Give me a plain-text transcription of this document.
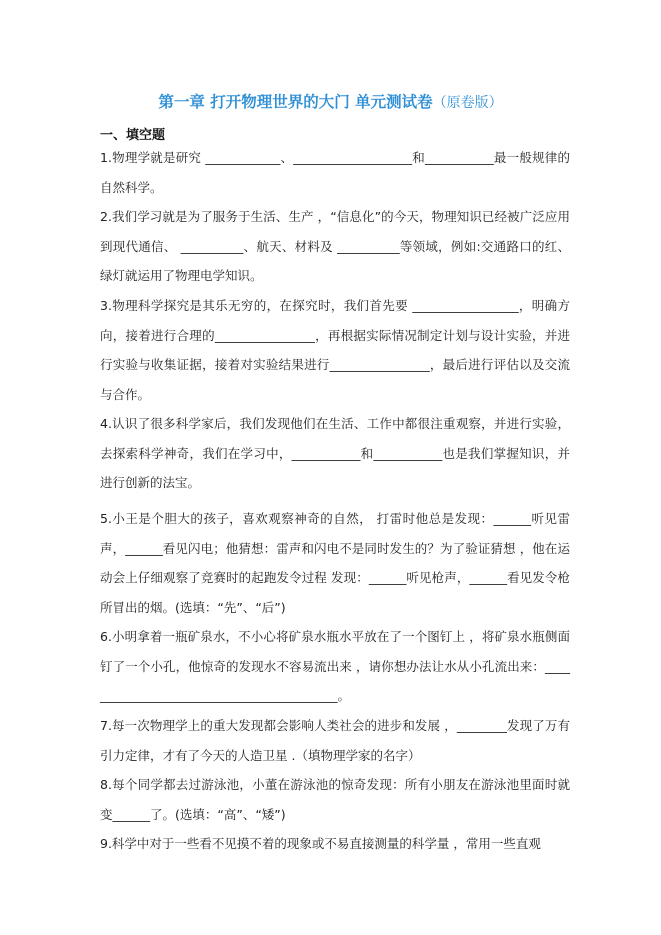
第一章 打开物理世界的大门 单元测试卷（原卷版）
一、填空题
1.物理学就是研究 ____________、___________________和___________最一般规律的自然科学。
2.我们学习就是为了服务于生活、生产 ，“信息化”的今天，物理知识已经被广泛应用到现代通信、 __________、航天、材料及 __________等领域，例如:交通路口的红、绿灯就运用了物理电学知识。
3.物理科学探究是其乐无穷的，在探究时，我们首先要 _________________，明确方向，接着进行合理的________________，再根据实际情况制定计划与设计实验，并进行实验与收集证据，接着对实验结果进行________________，最后进行评估以及交流与合作。
4.认识了很多科学家后，我们发现他们在生活、工作中都很注重观察，并进行实验，去探索科学神奇，我们在学习中，___________和___________也是我们掌握知识，并进行创新的法宝。
5.小王是个胆大的孩子，喜欢观察神奇的自然， 打雷时他总是发现：______听见雷声，______看见闪电；他猜想：雷声和闪电不是同时发生的？为了验证猜想 ，他在运动会上仔细观察了竞赛时的起跑发令过程 发现：______听见枪声，______看见发令枪所冒出的烟。(选填：“先”、“后”)
6.小明拿着一瓶矿泉水，不小心将矿泉水瓶水平放在了一个图钉上 ，将矿泉水瓶侧面钉了一个小孔，他惊奇的发现水不容易流出来 ，请你想办法让水从小孔流出来：__________________________________________。
7.每一次物理学上的重大发现都会影响人类社会的进步和发展 ，________发现了万有引力定律，才有了今天的人造卫星 .（填物理学家的名字）
8.每个同学都去过游泳池，小董在游泳池的惊奇发现：所有小朋友在游泳池里面时就变______了。(选填：“高”、“矮”)
9.科学中对于一些看不见摸不着的现象或不易直接测量的科学量 ，常用一些直观
